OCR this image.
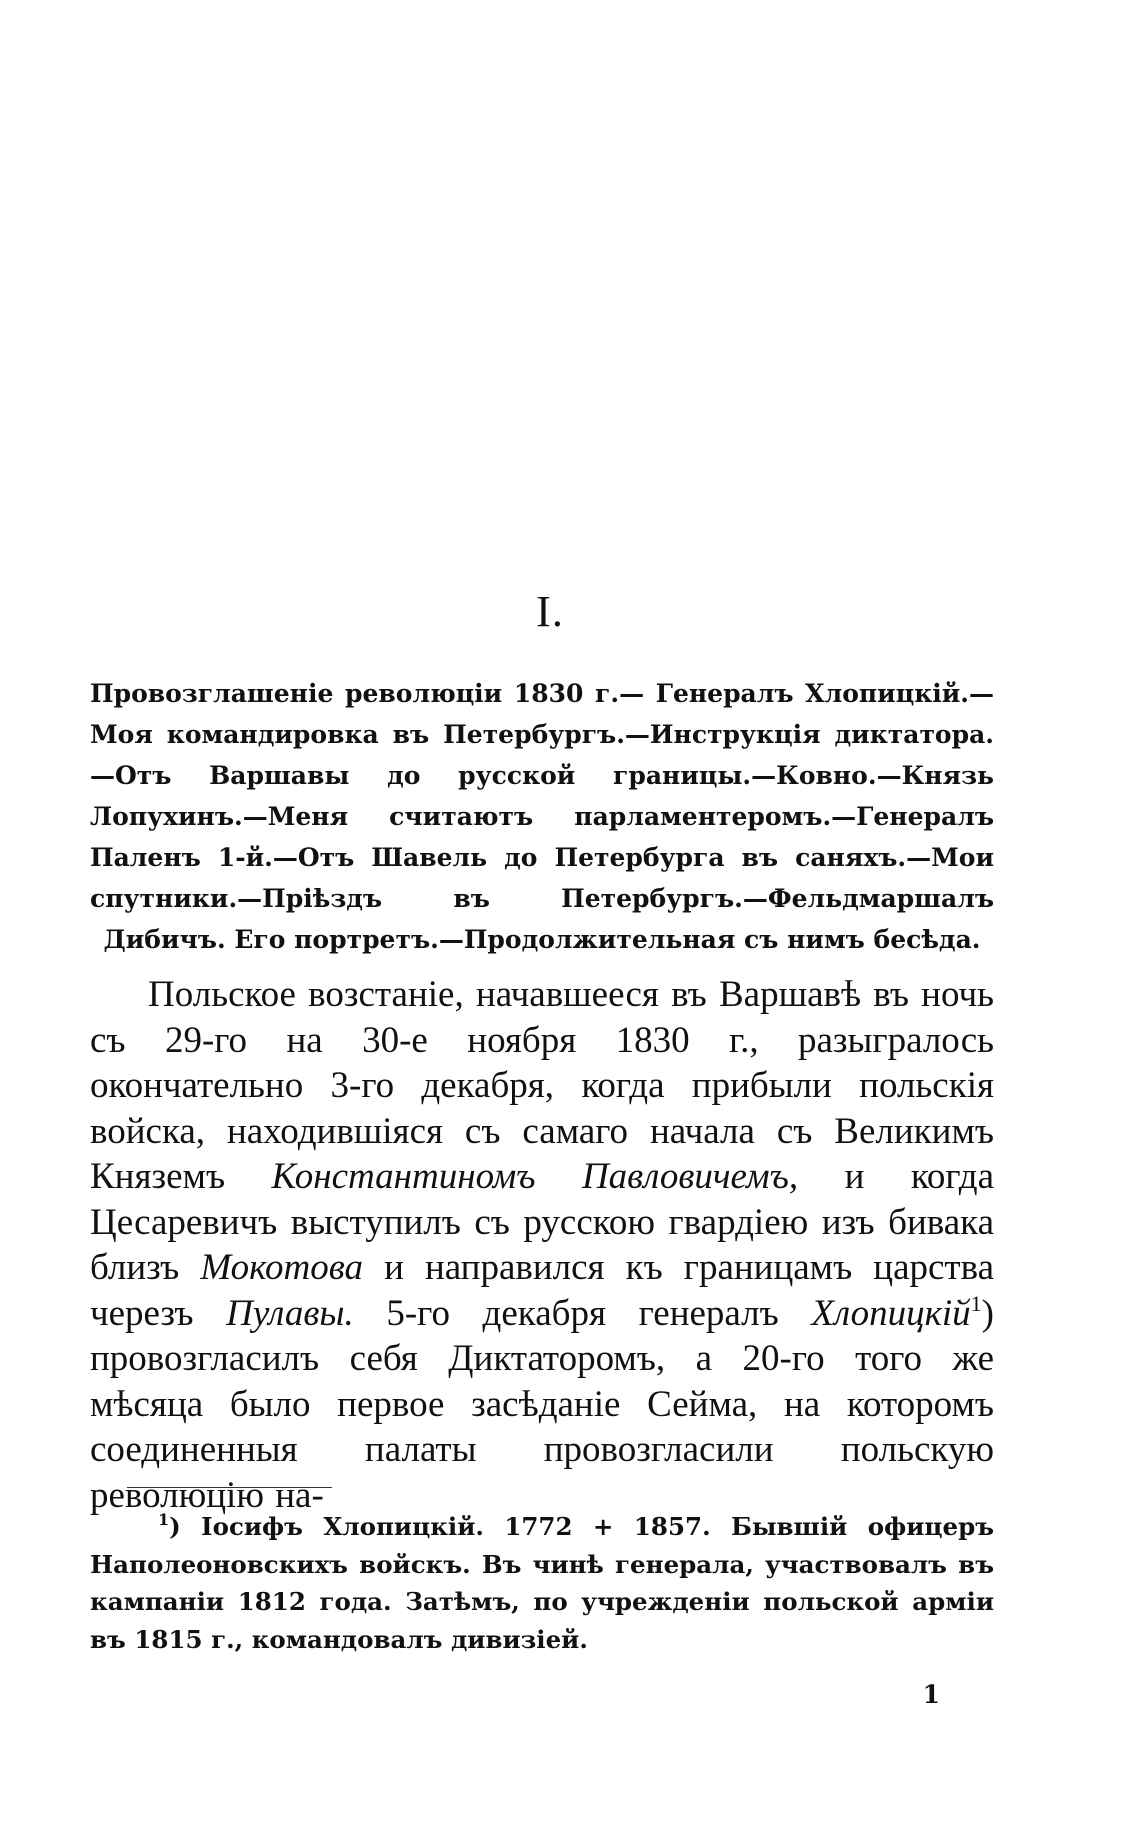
I.

Провозглашеніе революціи 1830 г.— Генералъ Хлопицкій.— Моя командировка въ Петербургъ.—Инструкція диктатора.—Отъ Варшавы до русской границы.—Ковно.—Князь Лопухинъ.—Меня считаютъ парламентеромъ.—Генералъ Паленъ 1-й.—Отъ Шавель до Петербурга въ саняхъ.—Мои спутники.—Пріѣздъ въ Петербургъ.—Фельдмаршалъ Дибичъ. Его портретъ.—Продолжительная съ нимъ бесѣда.

Польское возстаніе, начавшееся въ Варшавѣ въ ночь съ 29-го на 30-е ноября 1830 г., разыгралось окончательно 3-го декабря, когда прибыли польскія войска, находившіяся съ самаго начала съ Великимъ Княземъ Константиномъ Павловичемъ, и когда Цесаревичъ выступилъ съ русскою гвардіею изъ бивака близъ Мокотова и направился къ границамъ царства черезъ Пулавы. 5-го декабря генералъ Хлопицкій$^1$) провозгласилъ себя Диктаторомъ, а 20-го того же мѣсяца было первое засѣданіе Сейма, на которомъ соединенныя палаты провозгласили польскую революцію на-

$^1$) Іосифъ Хлопицкій. 1772 + 1857. Бывшій офицеръ Наполеоновскихъ войскъ. Въ чинѣ генерала, участвовалъ въ кампаніи 1812 года. Затѣмъ, по учрежденіи польской арміи въ 1815 г., командовалъ дивизіей.

1
